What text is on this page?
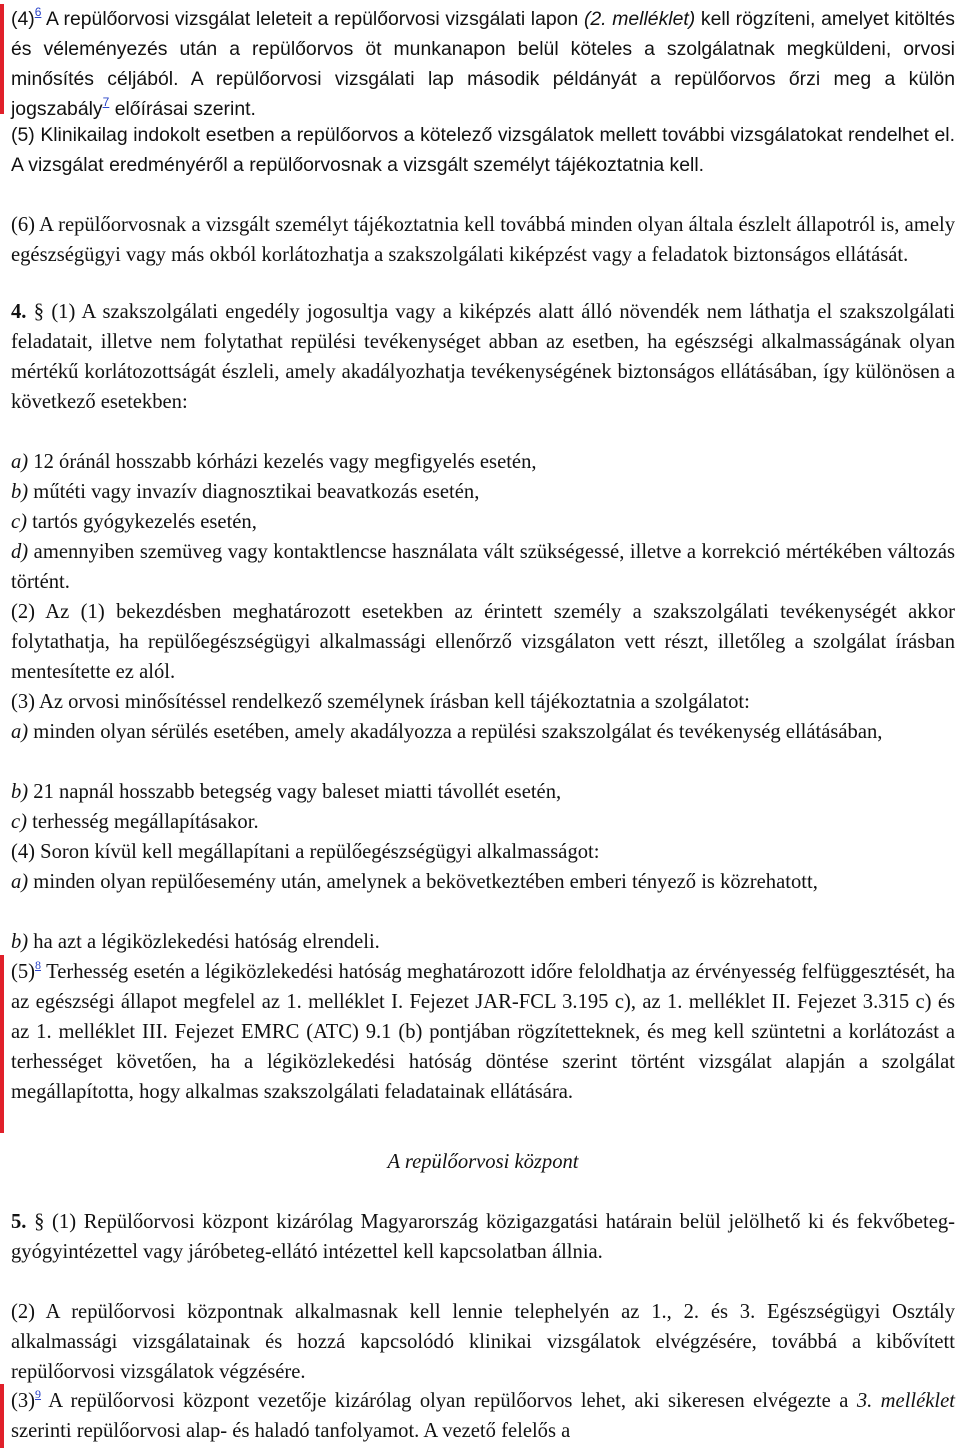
(4)$^6$ A repülőorvosi vizsgálat leleteit a repülőorvosi vizsgálati lapon (2. melléklet) kell rögzíteni, amelyet kitöltés és véleményezés után a repülőorvos öt munkanapon belül köteles a szolgálatnak megküldeni, orvosi minősítés céljából. A repülőorvosi vizsgálati lap második példányát a repülőorvos őrzi meg a külön jogszabály$^7$ előírásai szerint.

(5) Klinikailag indokolt esetben a repülőorvos a kötelező vizsgálatok mellett további vizsgálatokat rendelhet el. A vizsgálat eredményéről a repülőorvosnak a vizsgált személyt tájékoztatnia kell.

(6) A repülőorvosnak a vizsgált személyt tájékoztatnia kell továbbá minden olyan általa észlelt állapotról is, amely egészségügyi vagy más okból korlátozhatja a szakszolgálati kiképzést vagy a feladatok biztonságos ellátását.

4. § (1) A szakszolgálati engedély jogosultja vagy a kiképzés alatt álló növendék nem láthatja el szakszolgálati feladatait, illetve nem folytathat repülési tevékenységet abban az esetben, ha egészségi alkalmasságának olyan mértékű korlátozottságát észleli, amely akadályozhatja tevékenységének biztonságos ellátásában, így különösen a következő esetekben:

a) 12 óránál hosszabb kórházi kezelés vagy megfigyelés esetén,

b) műtéti vagy invazív diagnosztikai beavatkozás esetén,

c) tartós gyógykezelés esetén,

d) amennyiben szemüveg vagy kontaktlencse használata vált szükségessé, illetve a korrekció mértékében változás történt.

(2) Az (1) bekezdésben meghatározott esetekben az érintett személy a szakszolgálati tevékenységét akkor folytathatja, ha repülőegészségügyi alkalmassági ellenőrző vizsgálaton vett részt, illetőleg a szolgálat írásban mentesítette ez alól.

(3) Az orvosi minősítéssel rendelkező személynek írásban kell tájékoztatnia a szolgálatot:

a) minden olyan sérülés esetében, amely akadályozza a repülési szakszolgálat és tevékenység ellátásában,

b) 21 napnál hosszabb betegség vagy baleset miatti távollét esetén,

c) terhesség megállapításakor.

(4) Soron kívül kell megállapítani a repülőegészségügyi alkalmasságot:

a) minden olyan repülőesemény után, amelynek a bekövetkeztében emberi tényező is közrehatott,

b) ha azt a légiközlekedési hatóság elrendeli.

(5)$^8$ Terhesség esetén a légiközlekedési hatóság meghatározott időre feloldhatja az érvényesség felfüggesztését, ha az egészségi állapot megfelel az 1. melléklet I. Fejezet JAR-FCL 3.195 c), az 1. melléklet II. Fejezet 3.315 c) és az 1. melléklet III. Fejezet EMRC (ATC) 9.1 (b) pontjában rögzítetteknek, és meg kell szüntetni a korlátozást a terhességet követően, ha a légiközlekedési hatóság döntése szerint történt vizsgálat alapján a szolgálat megállapította, hogy alkalmas szakszolgálati feladatainak ellátására.

A repülőorvosi központ

5. § (1) Repülőorvosi központ kizárólag Magyarország közigazgatási határain belül jelölhető ki és fekvőbeteg-gyógyintézettel vagy járóbeteg-ellátó intézettel kell kapcsolatban állnia.

(2) A repülőorvosi központnak alkalmasnak kell lennie telephelyén az 1., 2. és 3. Egészségügyi Osztály alkalmassági vizsgálatainak és hozzá kapcsolódó klinikai vizsgálatok elvégzésére, továbbá a kibővített repülőorvosi vizsgálatok végzésére.

(3)$^9$ A repülőorvosi központ vezetője kizárólag olyan repülőorvos lehet, aki sikeresen elvégezte a 3. melléklet szerinti repülőorvosi alap- és haladó tanfolyamot. A vezető felelős a
